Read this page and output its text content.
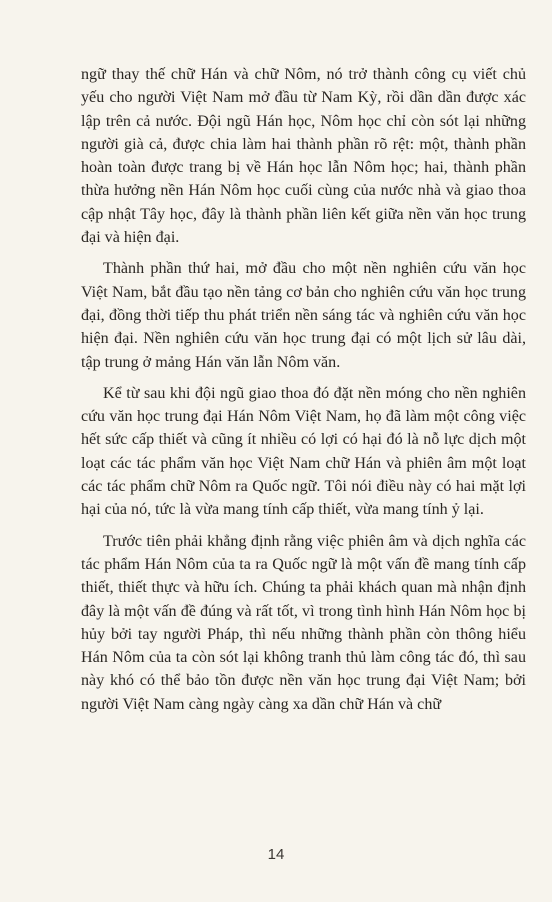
ngữ thay thế chữ Hán và chữ Nôm, nó trở thành công cụ viết chủ yếu cho người Việt Nam mở đầu từ Nam Kỳ, rồi dần dần được xác lập trên cả nước. Đội ngũ Hán học, Nôm học chỉ còn sót lại những người già cả, được chia làm hai thành phần rõ rệt: một, thành phần hoàn toàn được trang bị về Hán học lẫn Nôm học; hai, thành phần thừa hưởng nền Hán Nôm học cuối cùng của nước nhà và giao thoa cập nhật Tây học, đây là thành phần liên kết giữa nền văn học trung đại và hiện đại.

Thành phần thứ hai, mở đầu cho một nền nghiên cứu văn học Việt Nam, bắt đầu tạo nền tảng cơ bản cho nghiên cứu văn học trung đại, đồng thời tiếp thu phát triển nền sáng tác và nghiên cứu văn học hiện đại. Nền nghiên cứu văn học trung đại có một lịch sử lâu dài, tập trung ở mảng Hán văn lẫn Nôm văn.

Kể từ sau khi đội ngũ giao thoa đó đặt nền móng cho nền nghiên cứu văn học trung đại Hán Nôm Việt Nam, họ đã làm một công việc hết sức cấp thiết và cũng ít nhiều có lợi có hại đó là nỗ lực dịch một loạt các tác phẩm văn học Việt Nam chữ Hán và phiên âm một loạt các tác phẩm chữ Nôm ra Quốc ngữ. Tôi nói điều này có hai mặt lợi hại của nó, tức là vừa mang tính cấp thiết, vừa mang tính ỷ lại.

Trước tiên phải khẳng định rằng việc phiên âm và dịch nghĩa các tác phẩm Hán Nôm của ta ra Quốc ngữ là một vấn đề mang tính cấp thiết, thiết thực và hữu ích. Chúng ta phải khách quan mà nhận định đây là một vấn đề đúng và rất tốt, vì trong tình hình Hán Nôm học bị hủy bởi tay người Pháp, thì nếu những thành phần còn thông hiểu Hán Nôm của ta còn sót lại không tranh thủ làm công tác đó, thì sau này khó có thể bảo tồn được nền văn học trung đại Việt Nam; bởi người Việt Nam càng ngày càng xa dần chữ Hán và chữ

14
